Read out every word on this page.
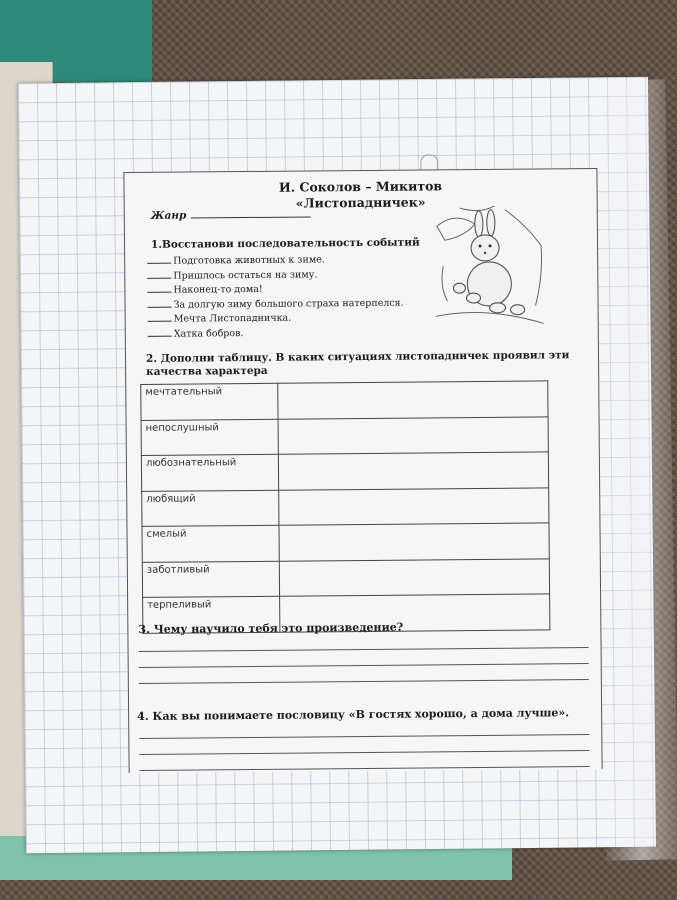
И. Соколов – Микитов
«Листопадничек»
Жанр
1.Восстанови последовательность событий
Подготовка животных к зиме.
Пришлось остаться на зиму.
Наконец-то дома!
За долгую зиму большого страха натерпелся.
Мечта Листопадничка.
Хатка бобров.
2. Дополни таблицу. В каких ситуациях листопадничек проявил эти качества характера
мечтательный	
непослушный	
любознательный	
любящий	
смелый	
заботливый	
терпеливый	
3. Чему научило тебя это произведение?
4. Как вы понимаете пословицу «В гостях хорошо, а дома лучше».
